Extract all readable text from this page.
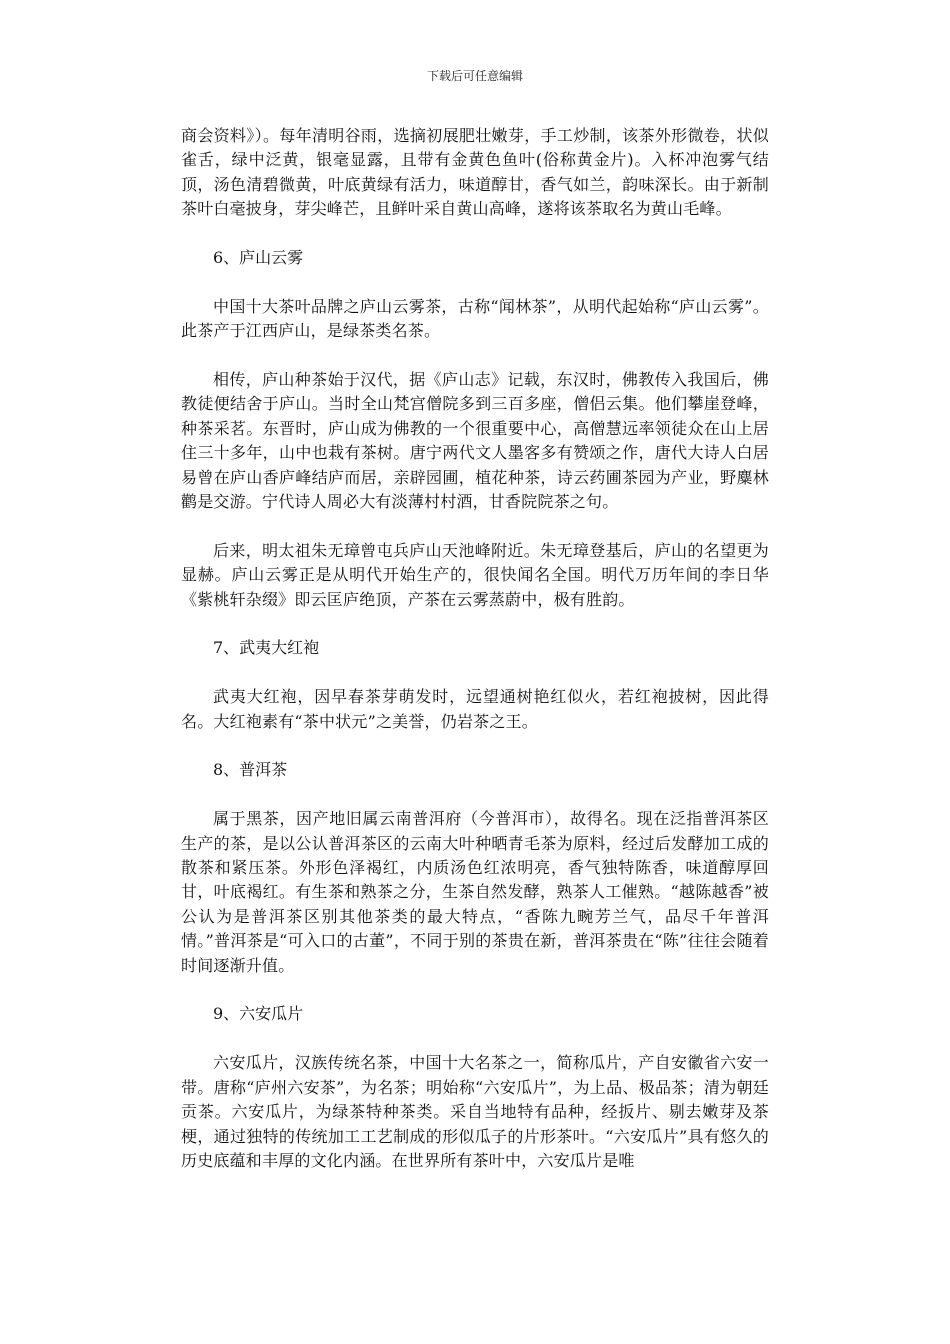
下载后可任意编辑

商会资料》）。每年清明谷雨，选摘初展肥壮嫩芽，手工炒制，该茶外形微卷，状似雀舌，绿中泛黄，银毫显露，且带有金黄色鱼叶(俗称黄金片)。入杯冲泡雾气结顶，汤色清碧微黄，叶底黄绿有活力，味道醇甘，香气如兰，韵味深长。由于新制茶叶白毫披身，芽尖峰芒，且鲜叶采自黄山高峰，遂将该茶取名为黄山毛峰。

6、庐山云雾

中国十大茶叶品牌之庐山云雾茶，古称“闻林茶”，从明代起始称“庐山云雾”。此茶产于江西庐山，是绿茶类名茶。

相传，庐山种茶始于汉代，据《庐山志》记载，东汉时，佛教传入我国后，佛教徒便结舍于庐山。当时全山梵宫僧院多到三百多座，僧侣云集。他们攀崖登峰，种茶采茗。东晋时，庐山成为佛教的一个很重要中心，高僧慧远率领徒众在山上居住三十多年，山中也栽有茶树。唐宁两代文人墨客多有赞颂之作，唐代大诗人白居易曾在庐山香庐峰结庐而居，亲辟园圃，植花种茶，诗云药圃茶园为产业，野麋林鹳是交游。宁代诗人周必大有淡薄村村酒，甘香院院茶之句。

后来，明太祖朱无璋曾屯兵庐山天池峰附近。朱无璋登基后，庐山的名望更为显赫。庐山云雾正是从明代开始生产的，很快闻名全国。明代万历年间的李日华《紫桃轩杂缀》即云匡庐绝顶，产茶在云雾蒸蔚中，极有胜韵。

7、武夷大红袍

武夷大红袍，因早春茶芽萌发时，远望通树艳红似火，若红袍披树，因此得名。大红袍素有“茶中状元”之美誉，仍岩茶之王。

8、普洱茶

属于黑茶，因产地旧属云南普洱府（今普洱市），故得名。现在泛指普洱茶区生产的茶，是以公认普洱茶区的云南大叶种晒青毛茶为原料，经过后发酵加工成的散茶和紧压茶。外形色泽褐红，内质汤色红浓明亮，香气独特陈香，味道醇厚回甘，叶底褐红。有生茶和熟茶之分，生茶自然发酵，熟茶人工催熟。“越陈越香”被公认为是普洱茶区别其他茶类的最大特点，“香陈九畹芳兰气，品尽千年普洱情。”普洱茶是“可入口的古董”，不同于别的茶贵在新，普洱茶贵在“陈”往往会随着时间逐渐升值。

9、六安瓜片

六安瓜片，汉族传统名茶，中国十大名茶之一，简称瓜片，产自安徽省六安一带。唐称“庐州六安茶”，为名茶；明始称“六安瓜片”，为上品、极品茶；清为朝廷贡茶。六安瓜片，为绿茶特种茶类。采自当地特有品种，经扳片、剔去嫩芽及茶梗，通过独特的传统加工工艺制成的形似瓜子的片形茶叶。“六安瓜片”具有悠久的历史底蕴和丰厚的文化内涵。在世界所有茶叶中，六安瓜片是唯
